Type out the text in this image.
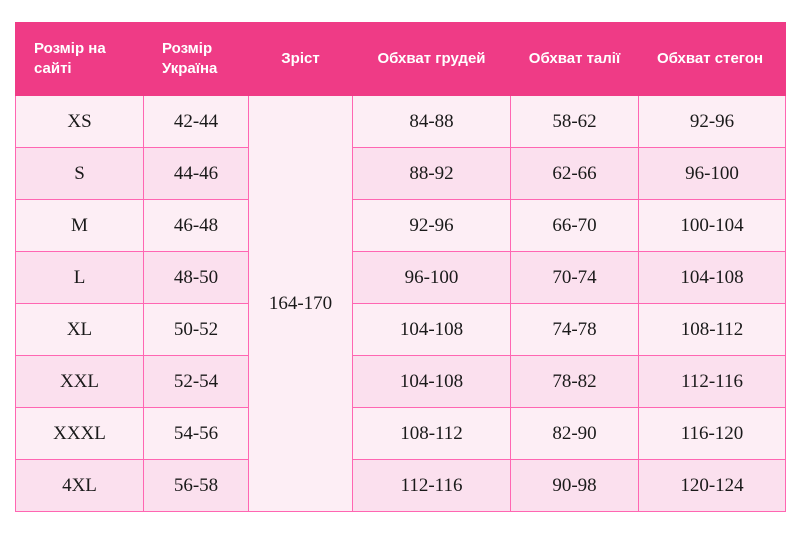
Розмір на сайті	Розмір Україна	Зріст	Обхват грудей	Обхват талії	Обхват стегон
XS	42-44	164-170	84-88	58-62	92-96
S	44-46		88-92	62-66	96-100
M	46-48		92-96	66-70	100-104
L	48-50		96-100	70-74	104-108
XL	50-52		104-108	74-78	108-112
XXL	52-54		104-108	78-82	112-116
XXXL	54-56		108-112	82-90	116-120
4XL	56-58		112-116	90-98	120-124
